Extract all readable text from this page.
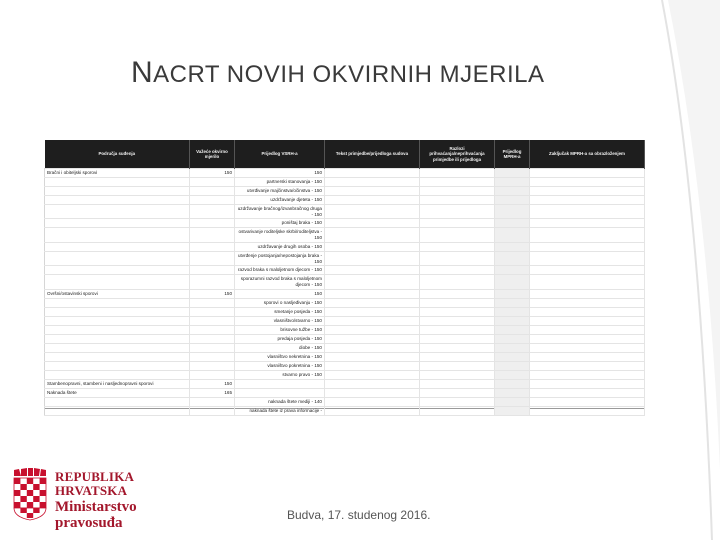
NACRT NOVIH OKVIRNIH MJERILA
Područja suđenja	Važeće okvirno mjerilo	Prijedlog VSRH-a	Tekst primjedbe/prijedloga sudova	Razlozi prihvaćanja/neprihvaćanja primjedbe ili prijedloga	Prijedlog MPRH-a	Zaključak MPRH-a sa obrazloženjem
Bračni i obiteljski sporovi	150	150				
		partnerski stanovanja - 150				
		utvrđivanje majčinstva/očinstva - 150				
		uzdržavanje djeteta - 150				
		uzdržavanje bračnog/izvanbračnog druga - 150				
		poništaj braka - 150				
		ostvarivanje roditeljske skrbi/roditeljstva - 150				
		uzdržavanje drugih osoba - 150				
		utvrđenje postojanja/nepostojanja braka - 150				
		razvod braka s maloljetnom djecom - 150				
		sporazumni razvod braka s maloljetnom djecom - 150				
Ovršni/ostavinski sporovi	150	150				
		sporovi o nasljeđivanju - 150				
		smetanje posjeda - 150				
		vlasništvo/stvarno - 150				
		brisovne tužbe - 150				
		predaja posjeda - 150				
		diobe - 150				
		vlasništvo nekretnina - 150				
		vlasništvo pokretnina - 150				
		stvarno pravo - 150				
Stambenopravni, stambeni i nasljednopravni sporovi	150					
Naknada štete	165					
		naknada štete mediji - 140				
		naknada štete iz prava informacije -				
REPUBLIKA HRVATSKA
Ministarstvo
pravosuđa
Budva, 17. studenog 2016.
